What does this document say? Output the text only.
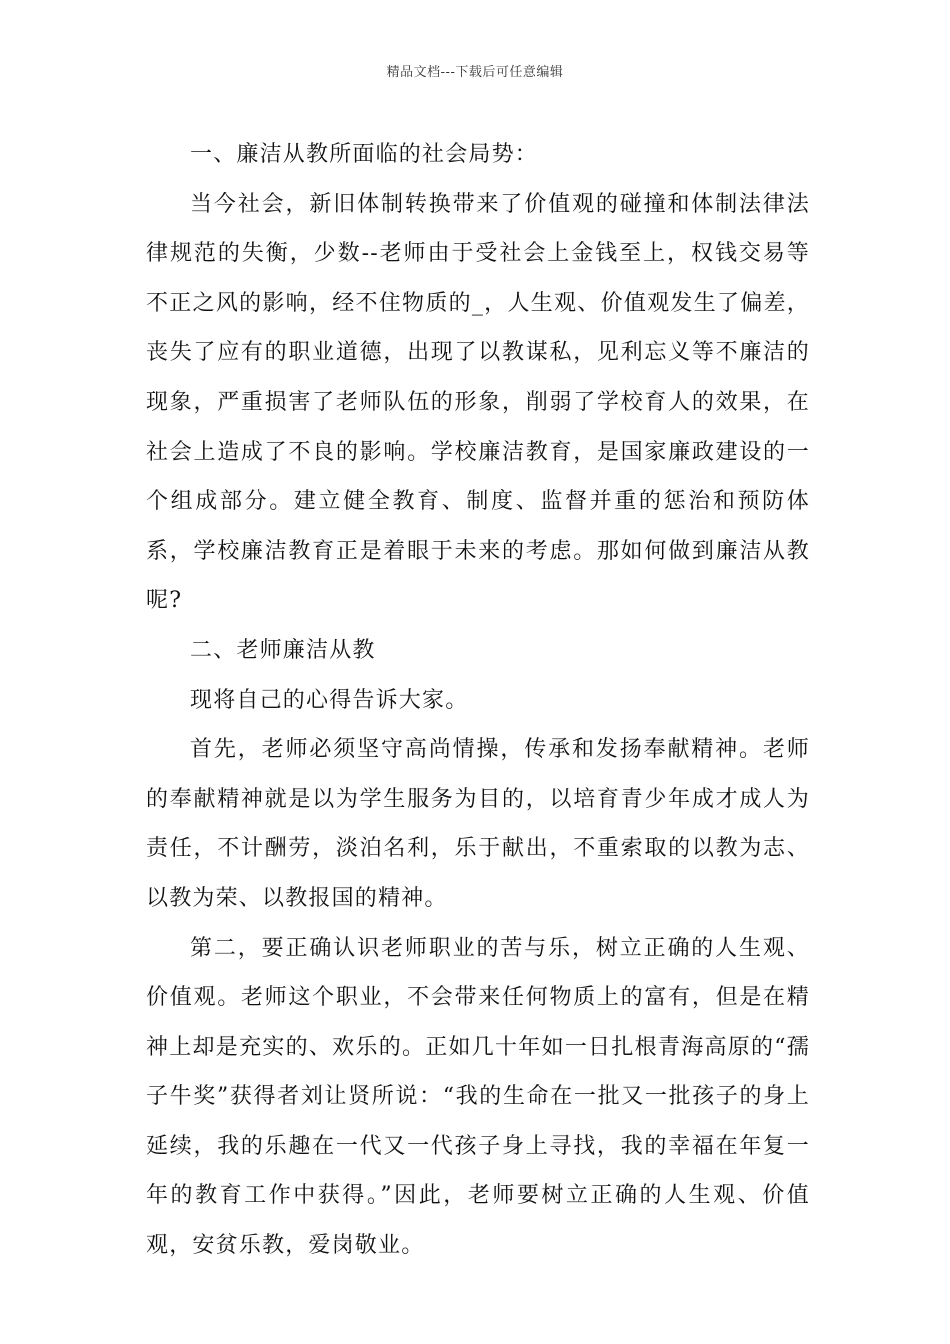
精品文档---下载后可任意编辑

一、廉洁从教所面临的社会局势：

当今社会，新旧体制转换带来了价值观的碰撞和体制法律法律规范的失衡，少数--老师由于受社会上金钱至上，权钱交易等不正之风的影响，经不住物质的_，人生观、价值观发生了偏差，丧失了应有的职业道德，出现了以教谋私，见利忘义等不廉洁的现象，严重损害了老师队伍的形象，削弱了学校育人的效果，在社会上造成了不良的影响。学校廉洁教育，是国家廉政建设的一个组成部分。建立健全教育、制度、监督并重的惩治和预防体系，学校廉洁教育正是着眼于未来的考虑。那如何做到廉洁从教呢?

二、老师廉洁从教

现将自己的心得告诉大家。

首先，老师必须坚守高尚情操，传承和发扬奉献精神。老师的奉献精神就是以为学生服务为目的，以培育青少年成才成人为责任，不计酬劳，淡泊名利，乐于献出，不重索取的以教为志、以教为荣、以教报国的精神。

第二，要正确认识老师职业的苦与乐，树立正确的人生观、价值观。老师这个职业，不会带来任何物质上的富有，但是在精神上却是充实的、欢乐的。正如几十年如一日扎根青海高原的“孺子牛奖”获得者刘让贤所说：“我的生命在一批又一批孩子的身上延续，我的乐趣在一代又一代孩子身上寻找，我的幸福在年复一年的教育工作中获得。”因此，老师要树立正确的人生观、价值观，安贫乐教，爱岗敬业。
